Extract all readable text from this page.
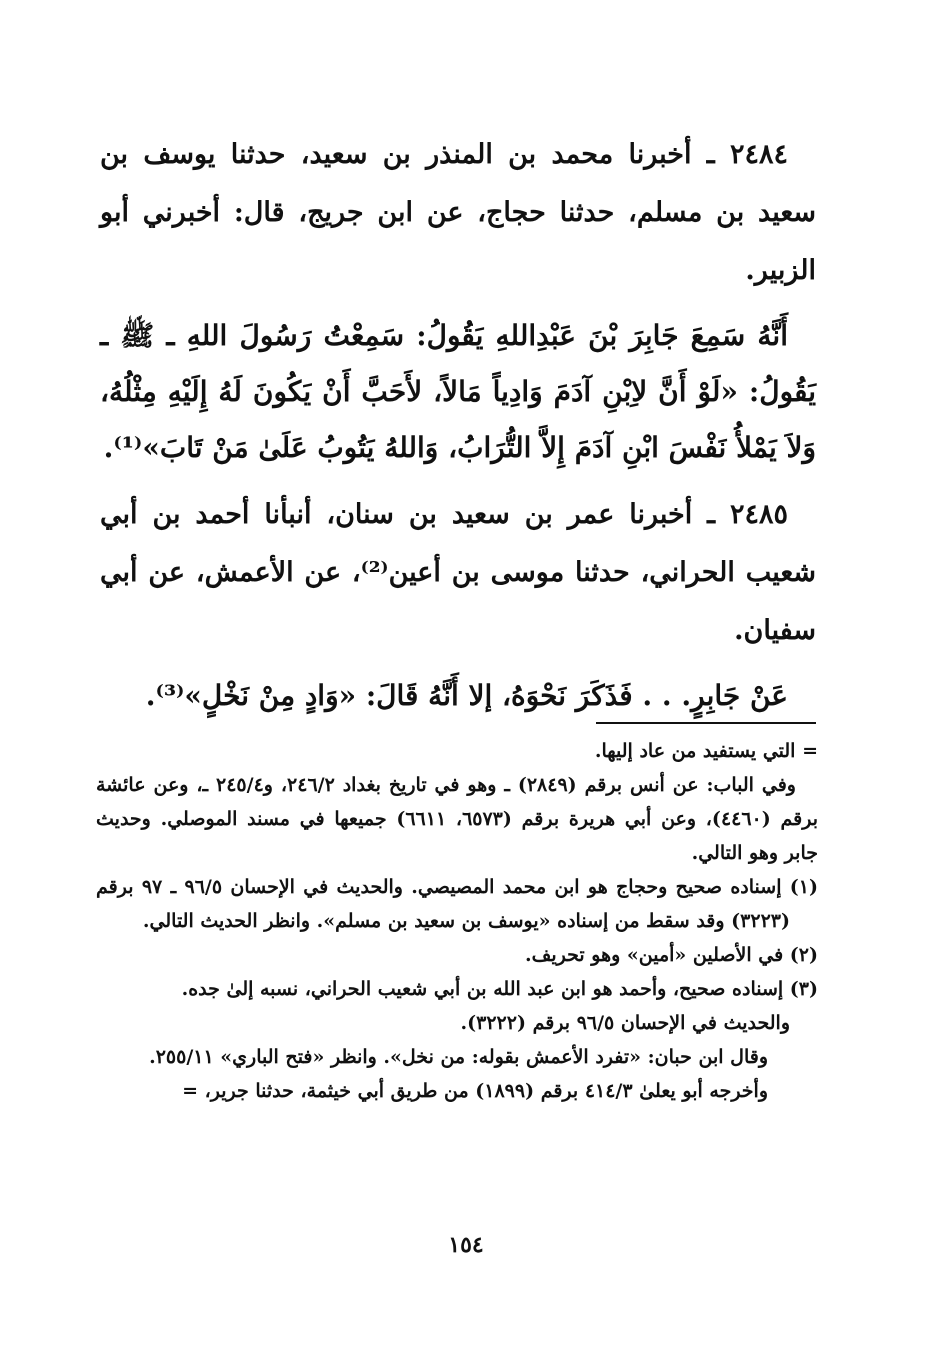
٢٤٨٤ ـ أخبرنا محمد بن المنذر بن سعيد، حدثنا يوسف بن سعيد بن مسلم، حدثنا حجاج، عن ابن جريج، قال: أخبرني أبو الزبير.

أَنَّهُ سَمِعَ جَابِرَ بْنَ عَبْدِاللهِ يَقُولُ: سَمِعْتُ رَسُولَ اللهِ ـ ﷺ ـ يَقُولُ: «لَوْ أَنَّ لاِبْنِ آدَمَ وَادِياً مَالاً، لأَحَبَّ أَنْ يَكُونَ لَهُ إِلَيْهِ مِثْلُهُ، وَلاَ يَمْلأُ نَفْسَ ابْنِ آدَمَ إِلاَّ التُّرَابُ، وَاللهُ يَتُوبُ عَلَىٰ مَنْ تَابَ»⁽¹⁾.

٢٤٨٥ ـ أخبرنا عمر بن سعيد بن سنان، أنبأنا أحمد بن أبي شعيب الحراني، حدثنا موسى بن أعين⁽²⁾، عن الأعمش، عن أبي سفيان.

عَنْ جَابِرٍ. . . فَذَكَرَ نَحْوَهُ، إلا أَنَّهُ قَالَ: «وَادٍ مِنْ نَخْلٍ»⁽³⁾.

= التي يستفيد من عاد إليها.

وفي الباب: عن أنس برقم (٢٨٤٩) ـ وهو في تاريخ بغداد ٢٤٦/٢، و٢٤٥/٤ ـ، وعن عائشة برقم (٤٤٦٠)، وعن أبي هريرة برقم (٦٥٧٣، ٦٦١١) جميعها في مسند الموصلي. وحديث جابر وهو التالي.

(١) إسناده صحيح وحجاج هو ابن محمد المصيصي. والحديث في الإحسان ٩٦/٥ ـ ٩٧ برقم (٣٢٢٣) وقد سقط من إسناده «يوسف بن سعيد بن مسلم». وانظر الحديث التالي.

(٢) في الأصلين «أمين» وهو تحريف.

(٣) إسناده صحيح، وأحمد هو ابن عبد الله بن أبي شعيب الحراني، نسبه إلىٰ جده.

والحديث في الإحسان ٩٦/٥ برقم (٣٢٢٢).

وقال ابن حبان: «تفرد الأعمش بقوله: من نخل». وانظر «فتح الباري» ٢٥٥/١١.

وأخرجه أبو يعلىٰ ٤١٤/٣ برقم (١٨٩٩) من طريق أبي خيثمة، حدثنا جرير، =

١٥٤
